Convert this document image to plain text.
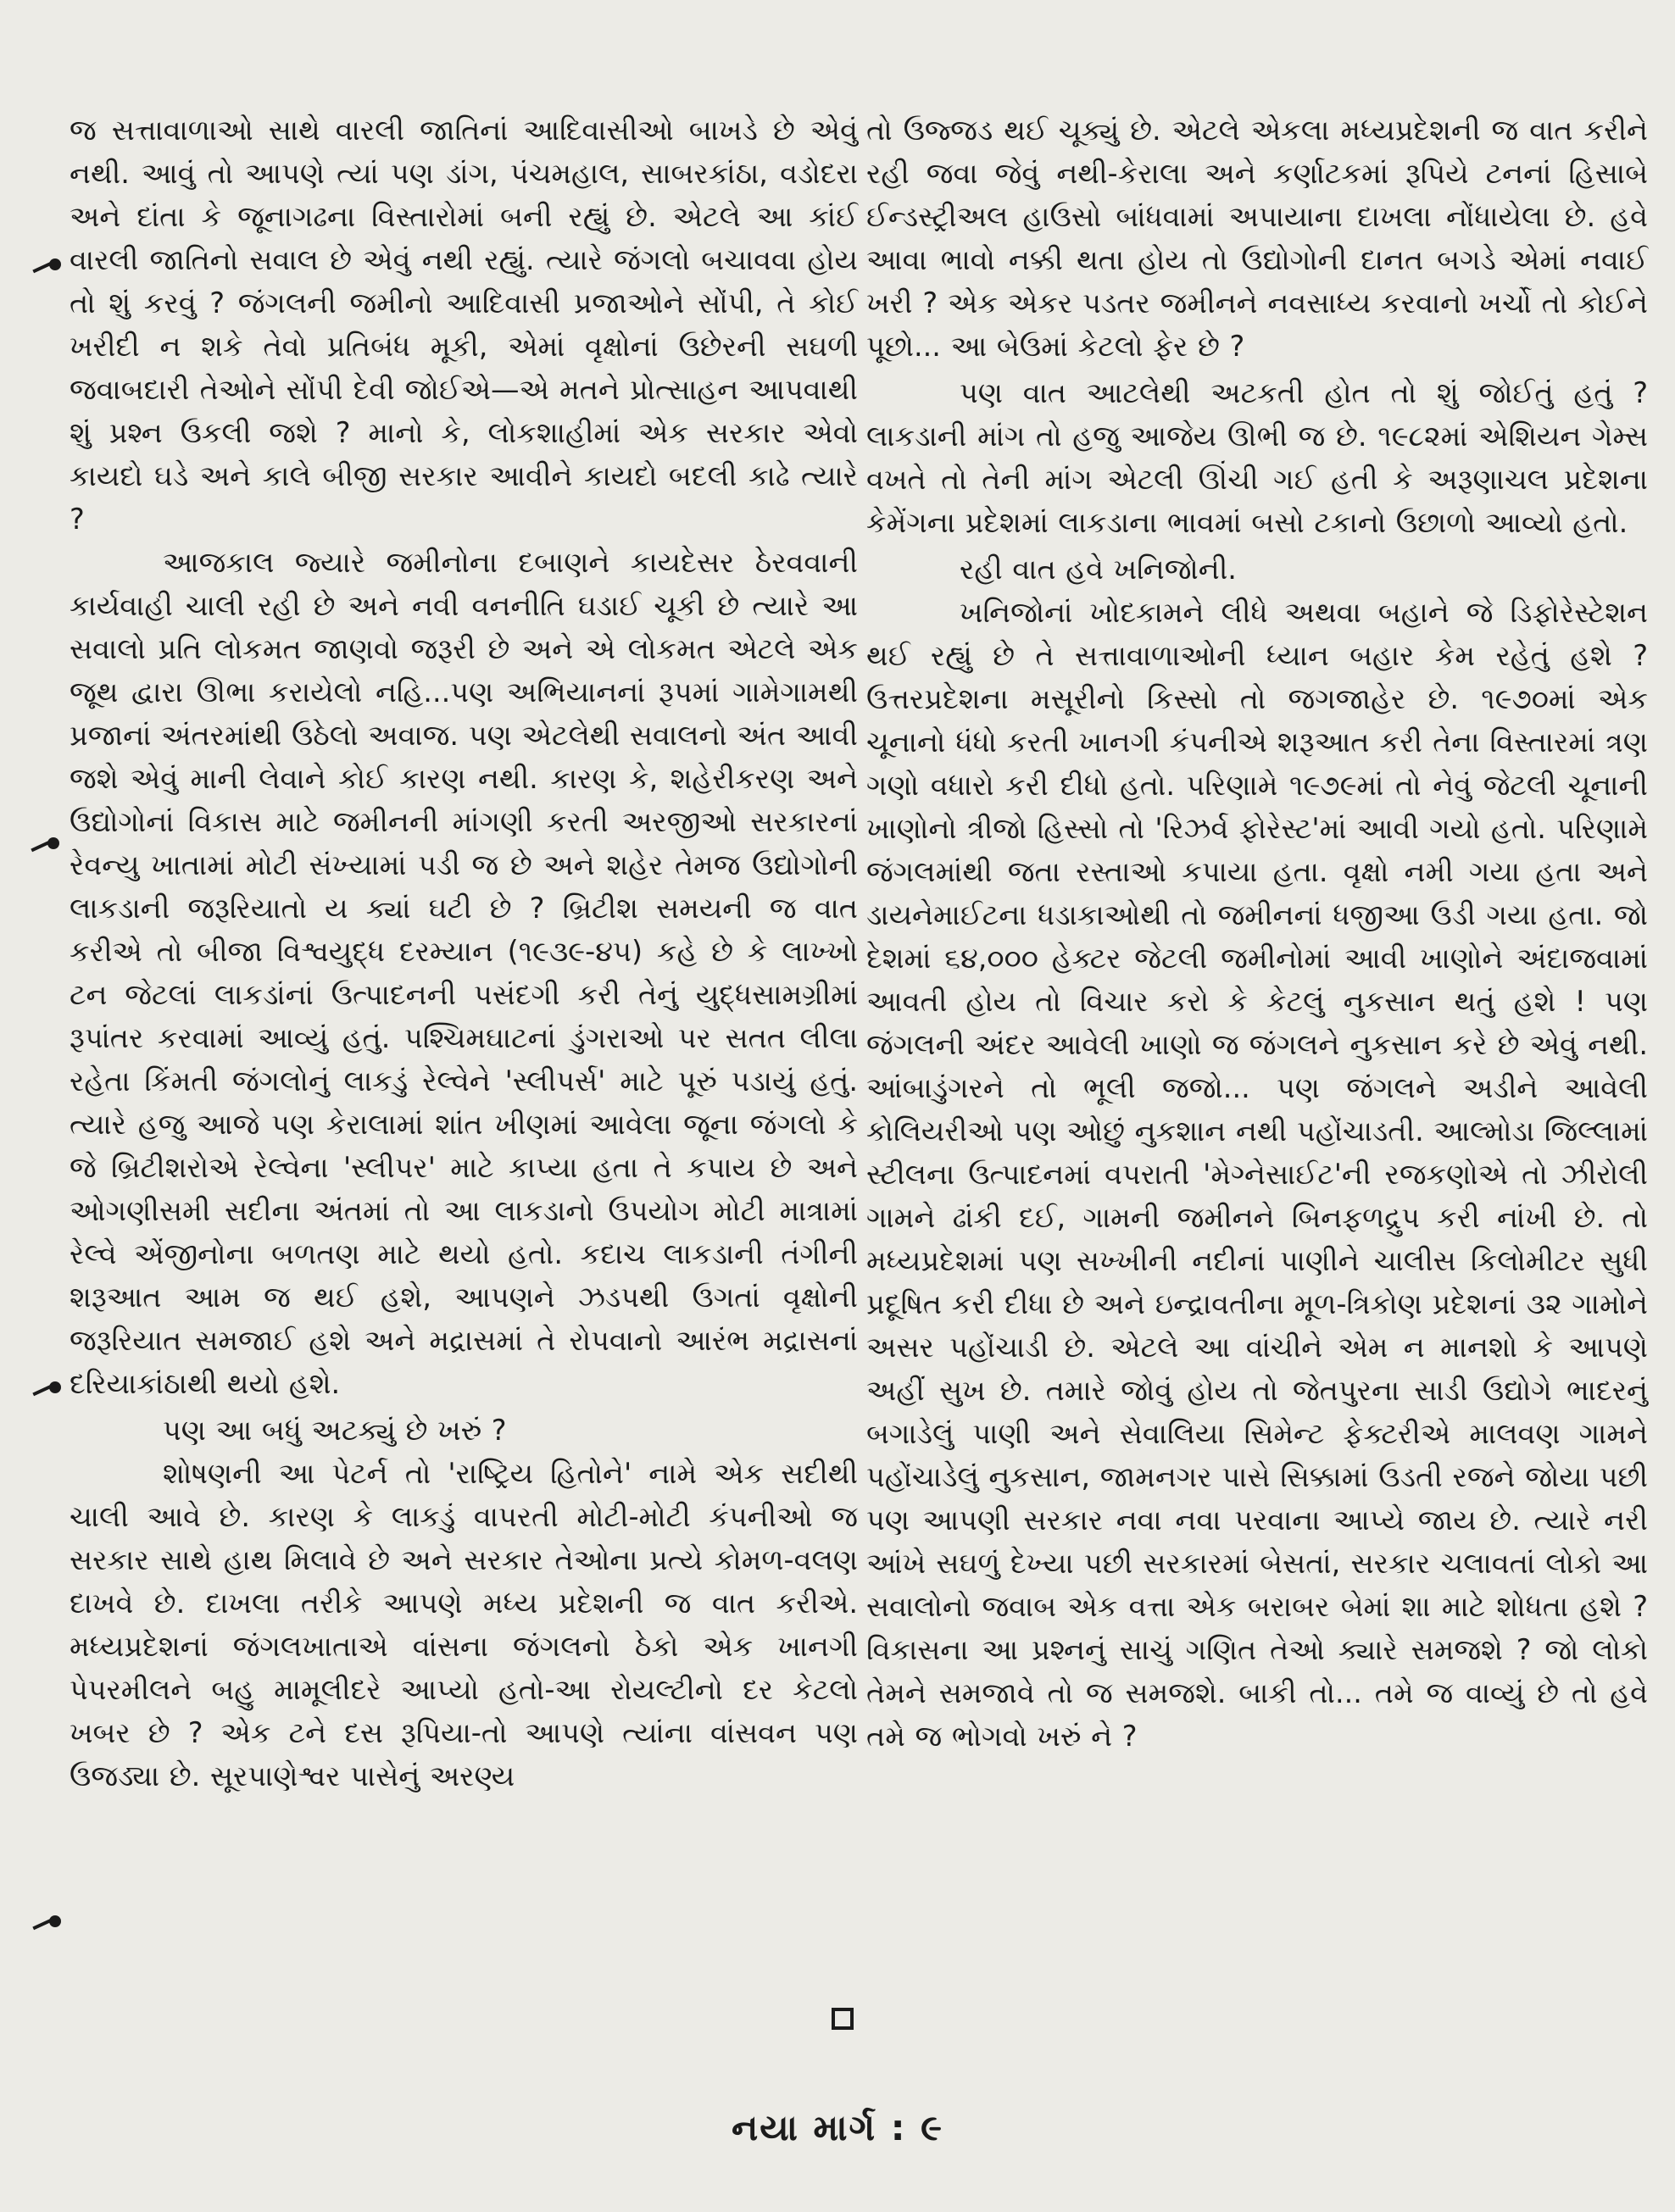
જ સત્તાવાળાઓ સાથે વારલી જાતિનાં આદિવાસીઓ બાખડે છે એવું નથી. આવું તો આપણે ત્યાં પણ ડાંગ, પંચમહાલ, સાબરકાંઠા, વડોદરા અને દાંતા કે જૂનાગઢના વિસ્તારોમાં બની રહ્યું છે. એટલે આ કાંઈ વારલી જાતિનો સવાલ છે એવું નથી રહ્યું. ત્યારે જંગલો બચાવવા હોય તો શું કરવું ? જંગલની જમીનો આદિવાસી પ્રજાઓને સોંપી, તે કોઈ ખરીદી ન શકે તેવો પ્રતિબંધ મૂકી, એમાં વૃક્ષોનાં ઉછેરની સઘળી જવાબદારી તેઓને સોંપી દેવી જોઈએ—એ મતને પ્રોત્સાહન આપવાથી શું પ્રશ્ન ઉકલી જશે ? માનો કે, લોકશાહીમાં એક સરકાર એવો કાયદો ઘડે અને કાલે બીજી સરકાર આવીને કાયદો બદલી કાઢે ત્યારે ?

આજકાલ જ્યારે જમીનોના દબાણને કાયદેસર ઠેરવવાની કાર્યવાહી ચાલી રહી છે અને નવી વનનીતિ ઘડાઈ ચૂકી છે ત્યારે આ સવાલો પ્રતિ લોકમત જાણવો જરૂરી છે અને એ લોકમત એટલે એક જૂથ દ્વારા ઊભા કરાયેલો નહિ...પણ અભિયાનનાં રૂપમાં ગામેગામથી પ્રજાનાં અંતરમાંથી ઉઠેલો અવાજ. પણ એટલેથી સવાલનો અંત આવી જશે એવું માની લેવાને કોઈ કારણ નથી. કારણ કે, શહેરીકરણ અને ઉદ્યોગોનાં વિકાસ માટે જમીનની માંગણી કરતી અરજીઓ સરકારનાં રેવન્યુ ખાતામાં મોટી સંખ્યામાં પડી જ છે અને શહેર તેમજ ઉદ્યોગોની લાકડાની જરૂરિયાતો ય ક્યાં ઘટી છે ? બ્રિટીશ સમયની જ વાત કરીએ તો બીજા વિશ્વયુદ્ધ દરમ્યાન (૧૯૩૯-૪૫) કહે છે કે લાખ્ખો ટન જેટલાં લાકડાંનાં ઉત્પાદનની પસંદગી કરી તેનું યુદ્ધસામગ્રીમાં રૂપાંતર કરવામાં આવ્યું હતું. પશ્ચિમઘાટનાં ડુંગરાઓ પર સતત લીલા રહેતા કિંમતી જંગલોનું લાકડું રેલ્વેને 'સ્લીપર્સ' માટે પૂરું પડાયું હતું. ત્યારે હજુ આજે પણ કેરાલામાં શાંત ખીણમાં આવેલા જૂના જંગલો કે જે બ્રિટીશરોએ રેલ્વેના 'સ્લીપર' માટે કાપ્યા હતા તે કપાય છે અને ઓગણીસમી સદીના અંતમાં તો આ લાકડાનો ઉપયોગ મોટી માત્રામાં રેલ્વે એંજીનોના બળતણ માટે થયો હતો. કદાચ લાકડાની તંગીની શરૂઆત આમ જ થઈ હશે, આપણને ઝડપથી ઉગતાં વૃક્ષોની જરૂરિયાત સમજાઈ હશે અને મદ્રાસમાં તે રોપવાનો આરંભ મદ્રાસનાં દરિયાકાંઠાથી થયો હશે.

પણ આ બધું અટક્યું છે ખરું ?

શોષણની આ પેટર્ન તો 'રાષ્ટ્રિય હિતોને' નામે એક સદીથી ચાલી આવે છે. કારણ કે લાકડું વાપરતી મોટી-મોટી કંપનીઓ જ સરકાર સાથે હાથ મિલાવે છે અને સરકાર તેઓના પ્રત્યે કોમળ-વલણ દાખવે છે. દાખલા તરીકે આપણે મધ્ય પ્રદેશની જ વાત કરીએ. મધ્યપ્રદેશનાં જંગલખાતાએ વાંસના જંગલનો ઠેકો એક ખાનગી પેપરમીલને બહુ મામૂલીદરે આપ્યો હતો-આ રોયલ્ટીનો દર કેટલો ખબર છે ? એક ટને દસ રૂપિયા-તો આપણે ત્યાંના વાંસવન પણ ઉજડ્યા છે. સૂરપાણેશ્વર પાસેનું અરણ્ય

તો ઉજ્જડ થઈ ચૂક્યું છે. એટલે એકલા મધ્યપ્રદેશની જ વાત કરીને રહી જવા જેવું નથી-કેરાલા અને કર્ણાટકમાં રૂપિયે ટનનાં હિસાબે ઈન્ડસ્ટ્રીઅલ હાઉસો બાંધવામાં અપાયાના દાખલા નોંધાયેલા છે. હવે આવા ભાવો નક્કી થતા હોય તો ઉદ્યોગોની દાનત બગડે એમાં નવાઈ ખરી ? એક એકર પડતર જમીનને નવસાધ્ય કરવાનો ખર્ચો તો કોઈને પૂછો... આ બેઉમાં કેટલો ફેર છે ?

પણ વાત આટલેથી અટકતી હોત તો શું જોઈતું હતું ? લાકડાની માંગ તો હજુ આજેય ઊભી જ છે. ૧૯૮૨માં એશિયન ગેમ્સ વખતે તો તેની માંગ એટલી ઊંચી ગઈ હતી કે અરૂણાચલ પ્રદેશના કેમેંગના પ્રદેશમાં લાકડાના ભાવમાં બસો ટકાનો ઉછાળો આવ્યો હતો.

રહી વાત હવે ખનિજોની.

ખનિજોનાં ખોદકામને લીધે અથવા બહાને જે ડિફોરેસ્ટેશન થઈ રહ્યું છે તે સત્તાવાળાઓની ધ્યાન બહાર કેમ રહેતું હશે ? ઉત્તરપ્રદેશના મસૂરીનો કિસ્સો તો જગજાહેર છે. ૧૯૭૦માં એક ચૂનાનો ધંધો કરતી ખાનગી કંપનીએ શરૂઆત કરી તેના વિસ્તારમાં ત્રણ ગણો વધારો કરી દીધો હતો. પરિણામે ૧૯૭૯માં તો નેવું જેટલી ચૂનાની ખાણોનો ત્રીજો હિસ્સો તો 'રિઝર્વ ફોરેસ્ટ'માં આવી ગયો હતો. પરિણામે જંગલમાંથી જતા રસ્તાઓ કપાયા હતા. વૃક્ષો નમી ગયા હતા અને ડાયનેમાઈટના ધડાકાઓથી તો જમીનનાં ધજીઆ ઉડી ગયા હતા. જો દેશમાં ૬૪,૦૦૦ હેક્ટર જેટલી જમીનોમાં આવી ખાણોને અંદાજવામાં આવતી હોય તો વિચાર કરો કે કેટલું નુકસાન થતું હશે ! પણ જંગલની અંદર આવેલી ખાણો જ જંગલને નુકસાન કરે છે એવું નથી. આંબાડુંગરને તો ભૂલી જજો... પણ જંગલને અડીને આવેલી કોલિયરીઓ પણ ઓછું નુકશાન નથી પહોંચાડતી. આલ્મોડા જિલ્લામાં સ્ટીલના ઉત્પાદનમાં વપરાતી 'મેગ્નેસાઈટ'ની રજકણોએ તો ઝીરોલી ગામને ઢાંકી દઈ, ગામની જમીનને બિનફળદ્રુપ કરી નાંખી છે. તો મધ્યપ્રદેશમાં પણ સખ્ખીની નદીનાં પાણીને ચાલીસ કિલોમીટર સુધી પ્રદૂષિત કરી દીધા છે અને ઇન્દ્રાવતીના મૂળ-ત્રિકોણ પ્રદેશનાં ૩૨ ગામોને અસર પહોંચાડી છે. એટલે આ વાંચીને એમ ન માનશો કે આપણે અહીં સુખ છે. તમારે જોવું હોય તો જેતપુરના સાડી ઉદ્યોગે ભાદરનું બગાડેલું પાણી અને સેવાલિયા સિમેન્ટ ફેક્ટરીએ માલવણ ગામને પહોંચાડેલું નુકસાન, જામનગર પાસે સિક્કામાં ઉડતી રજને જોયા પછી પણ આપણી સરકાર નવા નવા પરવાના આપ્યે જાય છે. ત્યારે નરી આંખે સઘળું દેખ્યા પછી સરકારમાં બેસતાં, સરકાર ચલાવતાં લોકો આ સવાલોનો જવાબ એક વત્તા એક બરાબર બેમાં શા માટે શોધતા હશે ? વિકાસના આ પ્રશ્નનું સાચું ગણિત તેઓ ક્યારે સમજશે ? જો લોકો તેમને સમજાવે તો જ સમજશે. બાકી તો... તમે જ વાવ્યું છે તો હવે તમે જ ભોગવો ખરું ને ?

નયા માર્ગ : ૯
